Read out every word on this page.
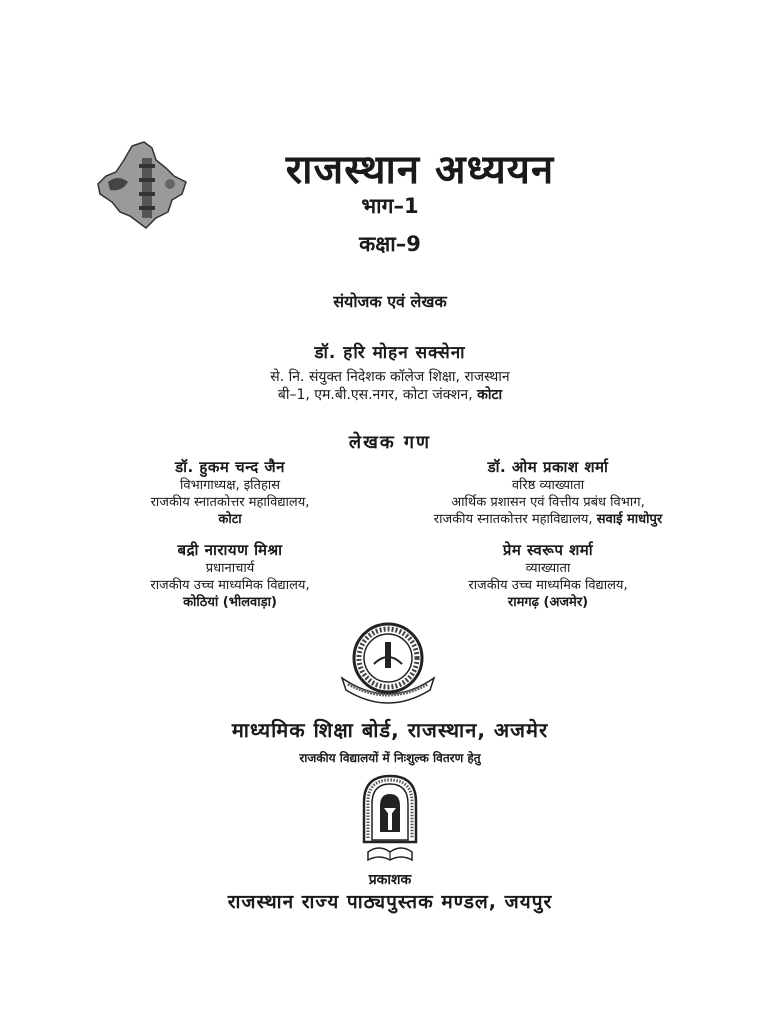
राजस्थान अध्ययन
भाग–1
कक्षा–9
संयोजक एवं लेखक
डॉ. हरि मोहन सक्सेना
से. नि. संयुक्त निदेशक कॉलेज शिक्षा, राजस्थान
बी–1, एम.बी.एस.नगर, कोटा जंक्शन, कोटा
लेखक गण
डॉ. हुकम चन्द जैन
विभागाध्यक्ष, इतिहास
राजकीय स्नातकोत्तर महाविद्यालय,
कोटा
डॉ. ओम प्रकाश शर्मा
वरिष्ठ व्याख्याता
आर्थिक प्रशासन एवं वित्तीय प्रबंध विभाग,
राजकीय स्नातकोत्तर महाविद्यालय, सवाई माधोपुर
बद्री नारायण मिश्रा
प्रधानाचार्य
राजकीय उच्च माध्यमिक विद्यालय,
कोठियां (भीलवाड़ा)
प्रेम स्वरूप शर्मा
व्याख्याता
राजकीय उच्च माध्यमिक विद्यालय,
रामगढ़ (अजमेर)
माध्यमिक शिक्षा बोर्ड, राजस्थान, अजमेर
राजकीय विद्यालयों में निःशुल्क वितरण हेतु
प्रकाशक
राजस्थान राज्य पाठ्यपुस्तक मण्डल, जयपुर
